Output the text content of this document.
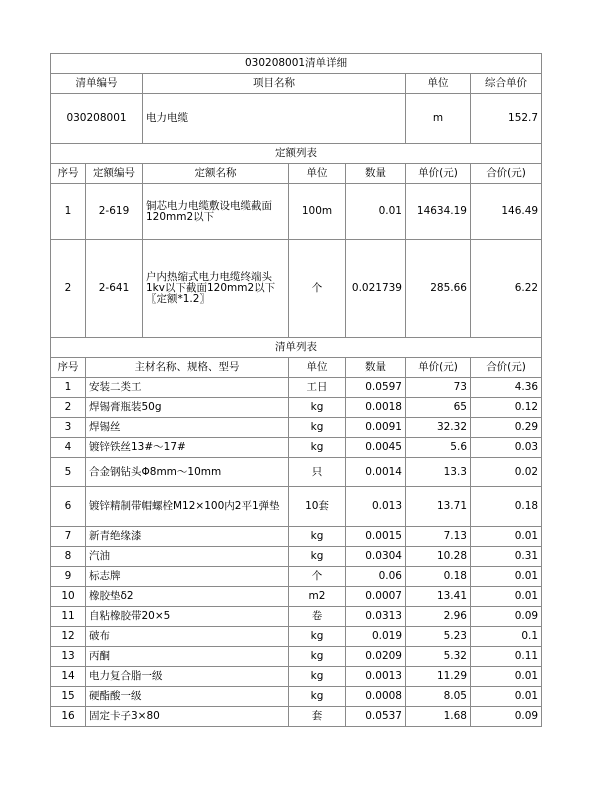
030208001清单详细						
清单编号		项目名称			单位	综合单价
030208001		电力电缆			m	152.7
定额列表						
序号	定额编号	定额名称	单位	数量	单价(元)	合价(元)
1	2-619	铜芯电力电缆敷设电缆截面120mm2以下	100m	0.01	14634.19	146.49
2	2-641	户内热缩式电力电缆终端头1kv以下截面120mm2以下〖定额*1.2〗	个	0.021739	285.66	6.22
清单列表						
序号	主材名称、规格、型号		单位	数量	单价(元)	合价(元)
1	安装二类工		工日	0.0597	73	4.36
2	焊锡膏瓶装50g		kg	0.0018	65	0.12
3	焊锡丝		kg	0.0091	32.32	0.29
4	镀锌铁丝13#～17#		kg	0.0045	5.6	0.03
5	合金钢钻头Φ8mm～10mm		只	0.0014	13.3	0.02
6	镀锌精制带帽螺栓M12×100内2平1弹垫		10套	0.013	13.71	0.18
7	新青绝缘漆		kg	0.0015	7.13	0.01
8	汽油		kg	0.0304	10.28	0.31
9	标志牌		个	0.06	0.18	0.01
10	橡胶垫δ2		m2	0.0007	13.41	0.01
11	自粘橡胶带20×5		卷	0.0313	2.96	0.09
12	破布		kg	0.019	5.23	0.1
13	丙酮		kg	0.0209	5.32	0.11
14	电力复合脂一级		kg	0.0013	11.29	0.01
15	硬酯酸一级		kg	0.0008	8.05	0.01
16	固定卡子3×80		套	0.0537	1.68	0.09
